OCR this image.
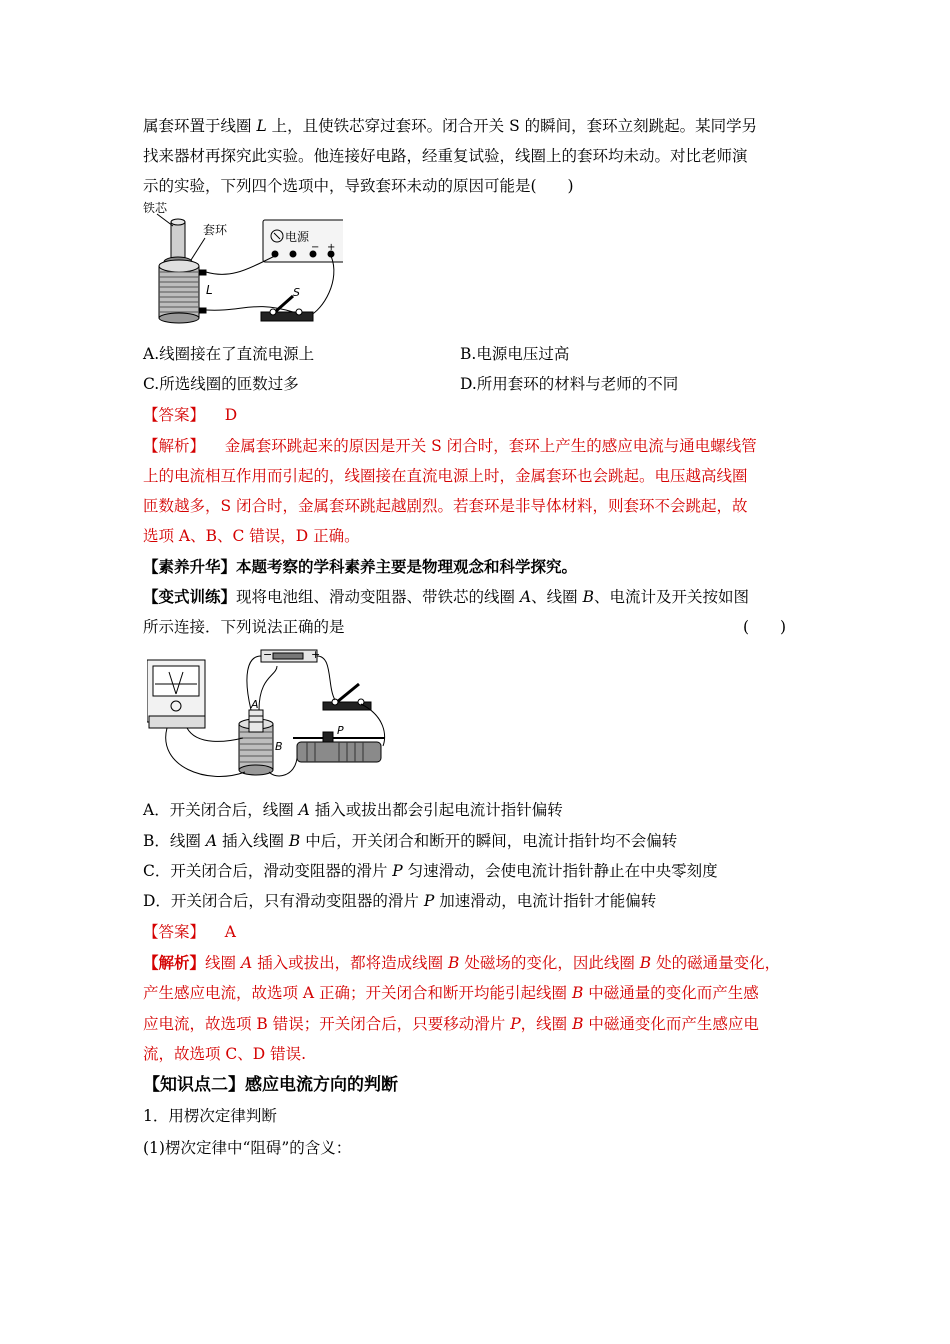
属套环置于线圈 L 上，且使铁芯穿过套环。闭合开关 S 的瞬间，套环立刻跳起。某同学另
找来器材再探究此实验。他连接好电路，经重复试验，线圈上的套环均未动。对比老师演
示的实验，下列四个选项中，导致套环未动的原因可能是(　　)
铁芯
套环
L
电源
− +
S
A.线圈接在了直流电源上	B.电源电压过高
C.所选线圈的匝数过多	D.所用套环的材料与老师的不同
【答案】 D
【解析】 金属套环跳起来的原因是开关 S 闭合时，套环上产生的感应电流与通电螺线管
上的电流相互作用而引起的，线圈接在直流电源上时，金属套环也会跳起。电压越高线圈
匝数越多，S 闭合时，金属套环跳起越剧烈。若套环是非导体材料，则套环不会跳起，故
选项 A、B、C 错误，D 正确。
【素养升华】本题考察的学科素养主要是物理观念和科学探究。
【变式训练】现将电池组、滑动变阻器、带铁芯的线圈 A、线圈 B、电流计及开关按如图
所示连接．下列说法正确的是	(　　)
−	+
A
B
P
A．开关闭合后，线圈 A 插入或拔出都会引起电流计指针偏转
B．线圈 A 插入线圈 B 中后，开关闭合和断开的瞬间，电流计指针均不会偏转
C．开关闭合后，滑动变阻器的滑片 P 匀速滑动，会使电流计指针静止在中央零刻度
D．开关闭合后，只有滑动变阻器的滑片 P 加速滑动，电流计指针才能偏转
【答案】 A
【解析】线圈 A 插入或拔出，都将造成线圈 B 处磁场的变化，因此线圈 B 处的磁通量变化，
产生感应电流，故选项 A 正确；开关闭合和断开均能引起线圈 B 中磁通量的变化而产生感
应电流，故选项 B 错误；开关闭合后，只要移动滑片 P，线圈 B 中磁通变化而产生感应电
流，故选项 C、D 错误.
【知识点二】感应电流方向的判断
1．用楞次定律判断
(1)楞次定律中“阻碍”的含义：
